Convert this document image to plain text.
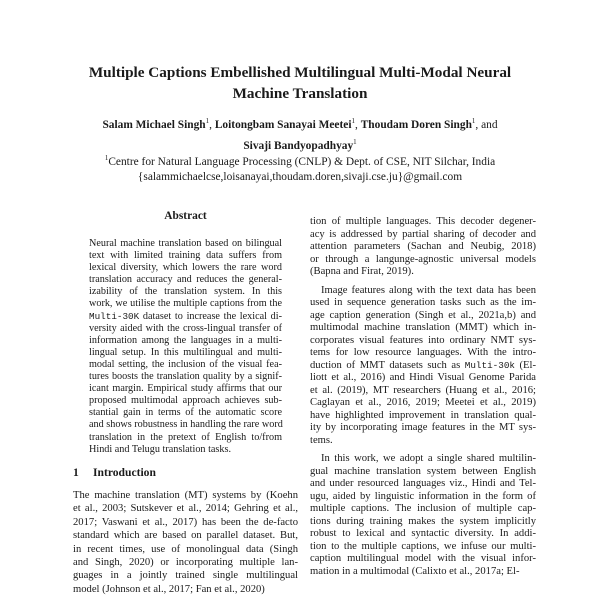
Multiple Captions Embellished Multilingual Multi-Modal Neural
Machine Translation
Salam Michael Singh$^1$, Loitongbam Sanayai Meetei$^1$, Thoudam Doren Singh$^1$, and
Sivaji Bandyopadhyay$^1$
$^1$Centre for Natural Language Processing (CNLP) & Dept. of CSE, NIT Silchar, India
{salammichaelcse,loisanayai,thoudam.doren,sivaji.cse.ju}@gmail.com
Abstract
Neural machine translation based on bilingual
text with limited training data suffers from
lexical diversity, which lowers the rare word
translation accuracy and reduces the general-
izability of the translation system. In this
work, we utilise the multiple captions from the
Multi-30K dataset to increase the lexical di-
versity aided with the cross-lingual transfer of
information among the languages in a multi-
lingual setup. In this multilingual and multi-
modal setting, the inclusion of the visual fea-
tures boosts the translation quality by a signif-
icant margin. Empirical study affirms that our
proposed multimodal approach achieves sub-
stantial gain in terms of the automatic score
and shows robustness in handling the rare word
translation in the pretext of English to/from
Hindi and Telugu translation tasks.
1 Introduction
The machine translation (MT) systems by (Koehn
et al., 2003; Sutskever et al., 2014; Gehring et al.,
2017; Vaswani et al., 2017) has been the de-facto
standard which are based on parallel dataset. But,
in recent times, use of monolingual data (Singh
and Singh, 2020) or incorporating multiple lan-
guages in a jointly trained single multilingual
model (Johnson et al., 2017; Fan et al., 2020)
tion of multiple languages. This decoder degener-
acy is addressed by partial sharing of decoder and
attention parameters (Sachan and Neubig, 2018)
or through a langunge-agnostic universal models
(Bapna and Firat, 2019).
Image features along with the text data has been
used in sequence generation tasks such as the im-
age caption generation (Singh et al., 2021a,b) and
multimodal machine translation (MMT) which in-
corporates visual features into ordinary NMT sys-
tems for low resource languages. With the intro-
duction of MMT datasets such as Multi-30k (El-
liott et al., 2016) and Hindi Visual Genome Parida
et al. (2019), MT researchers (Huang et al., 2016;
Caglayan et al., 2016, 2019; Meetei et al., 2019)
have highlighted improvement in translation qual-
ity by incorporating image features in the MT sys-
tems.
In this work, we adopt a single shared multilin-
gual machine translation system between English
and under resourced languages viz., Hindi and Tel-
ugu, aided by linguistic information in the form of
multiple captions. The inclusion of multiple cap-
tions during training makes the system implicitly
robust to lexical and syntactic diversity. In addi-
tion to the multiple captions, we infuse our multi-
caption multilingual model with the visual infor-
mation in a multimodal (Calixto et al., 2017a; El-
